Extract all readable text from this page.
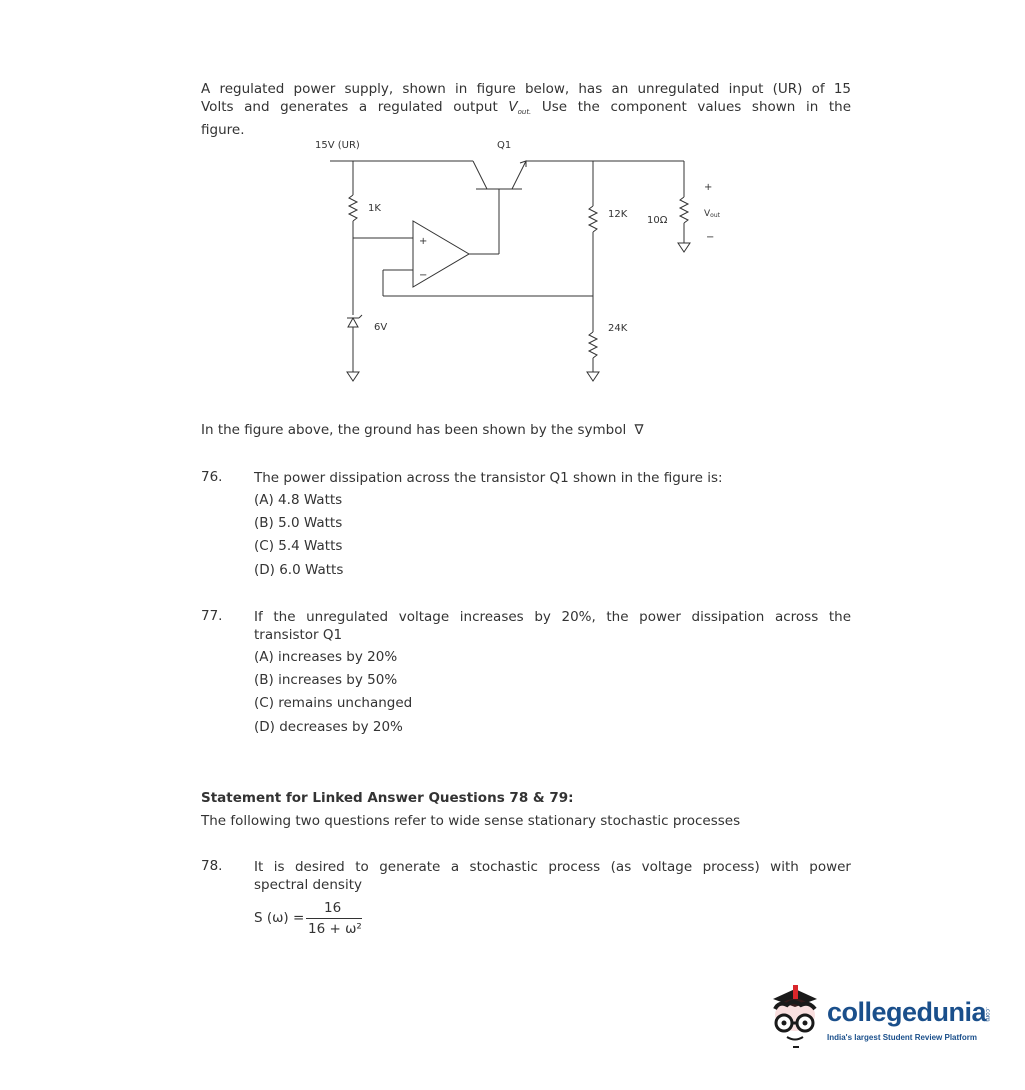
A regulated power supply, shown in figure below, has an unregulated input (UR) of 15
Volts and generates a regulated output $V_{out.}$ Use the component values shown in the
figure.
15V (UR)	Q1
1K
12K
24K
10Ω
6V
+
−
+
Vout
−
In the figure above, the ground has been shown by the symbol ∇
76. The power dissipation across the transistor Q1 shown in the figure is:
(A) 4.8 Watts
(B) 5.0 Watts
(C) 5.4 Watts
(D) 6.0 Watts
77. If the unregulated voltage increases by 20%, the power dissipation across the
transistor Q1
(A) increases by 20%
(B) increases by 50%
(C) remains unchanged
(D) decreases by 20%
Statement for Linked Answer Questions 78 & 79:
The following two questions refer to wide sense stationary stochastic processes
78. It is desired to generate a stochastic process (as voltage process) with power
spectral density
S (ω) =
16
16 + ω²
collegedunia
.com
India's largest Student Review Platform
